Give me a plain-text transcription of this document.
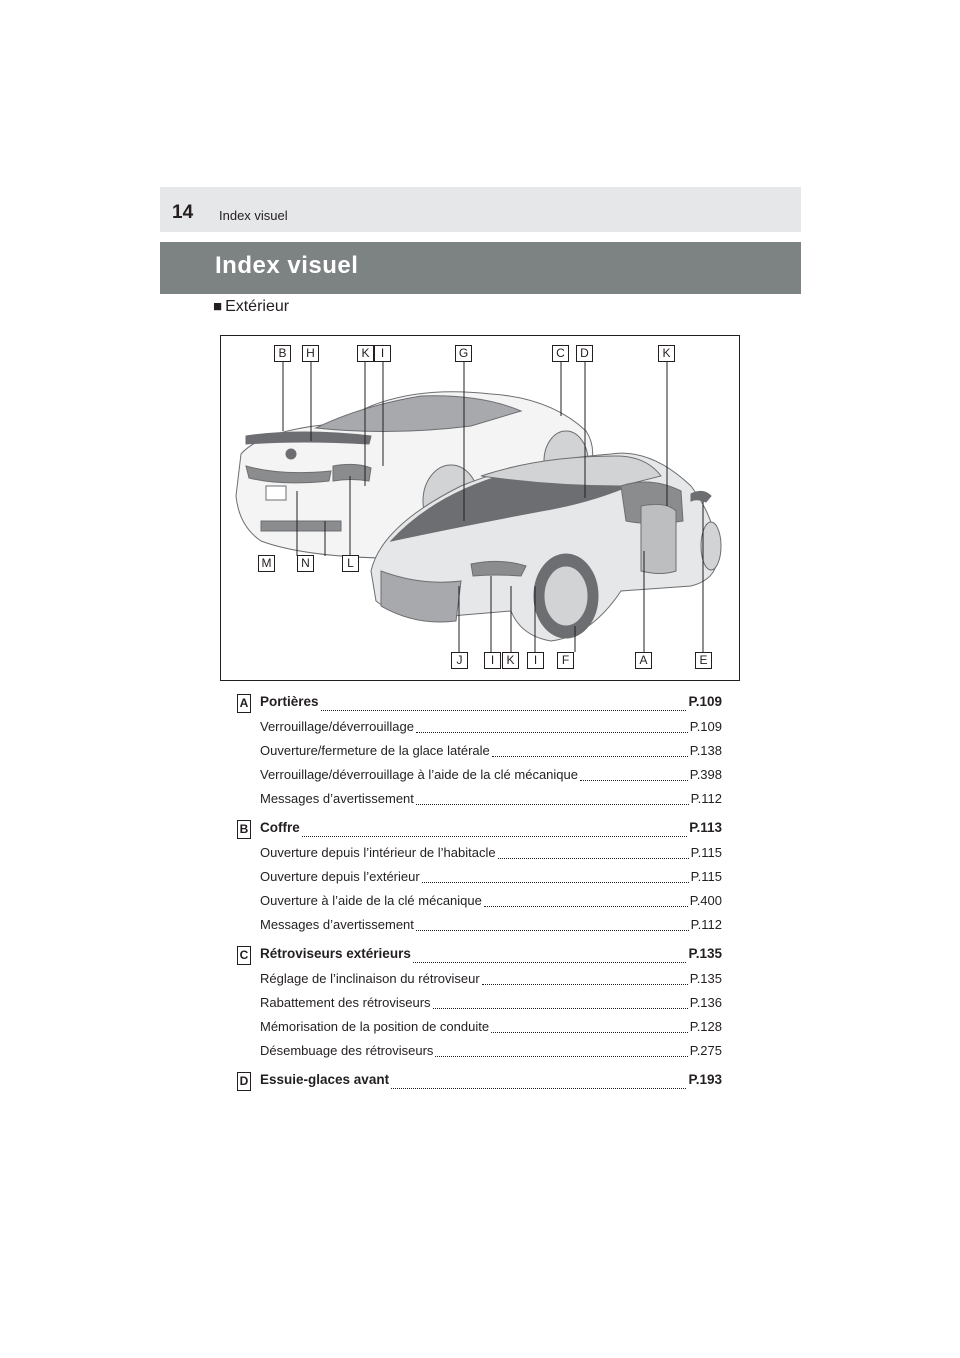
14 Index visuel
Index visuel
■ Extérieur
B	H	K I	G	C	D	K
M	N	L
J	I	K	I	F	A	E
A Portières	P.109
Verrouillage/déverrouillage	P.109
Ouverture/fermeture de la glace latérale	P.138
Verrouillage/déverrouillage à l’aide de la clé mécanique	P.398
Messages d’avertissement	P.112
B Coffre	P.113
Ouverture depuis l’intérieur de l’habitacle	P.115
Ouverture depuis l’extérieur	P.115
Ouverture à l’aide de la clé mécanique	P.400
Messages d’avertissement	P.112
C Rétroviseurs extérieurs	P.135
Réglage de l’inclinaison du rétroviseur	P.135
Rabattement des rétroviseurs	P.136
Mémorisation de la position de conduite	P.128
Désembuage des rétroviseurs	P.275
D Essuie-glaces avant	P.193
